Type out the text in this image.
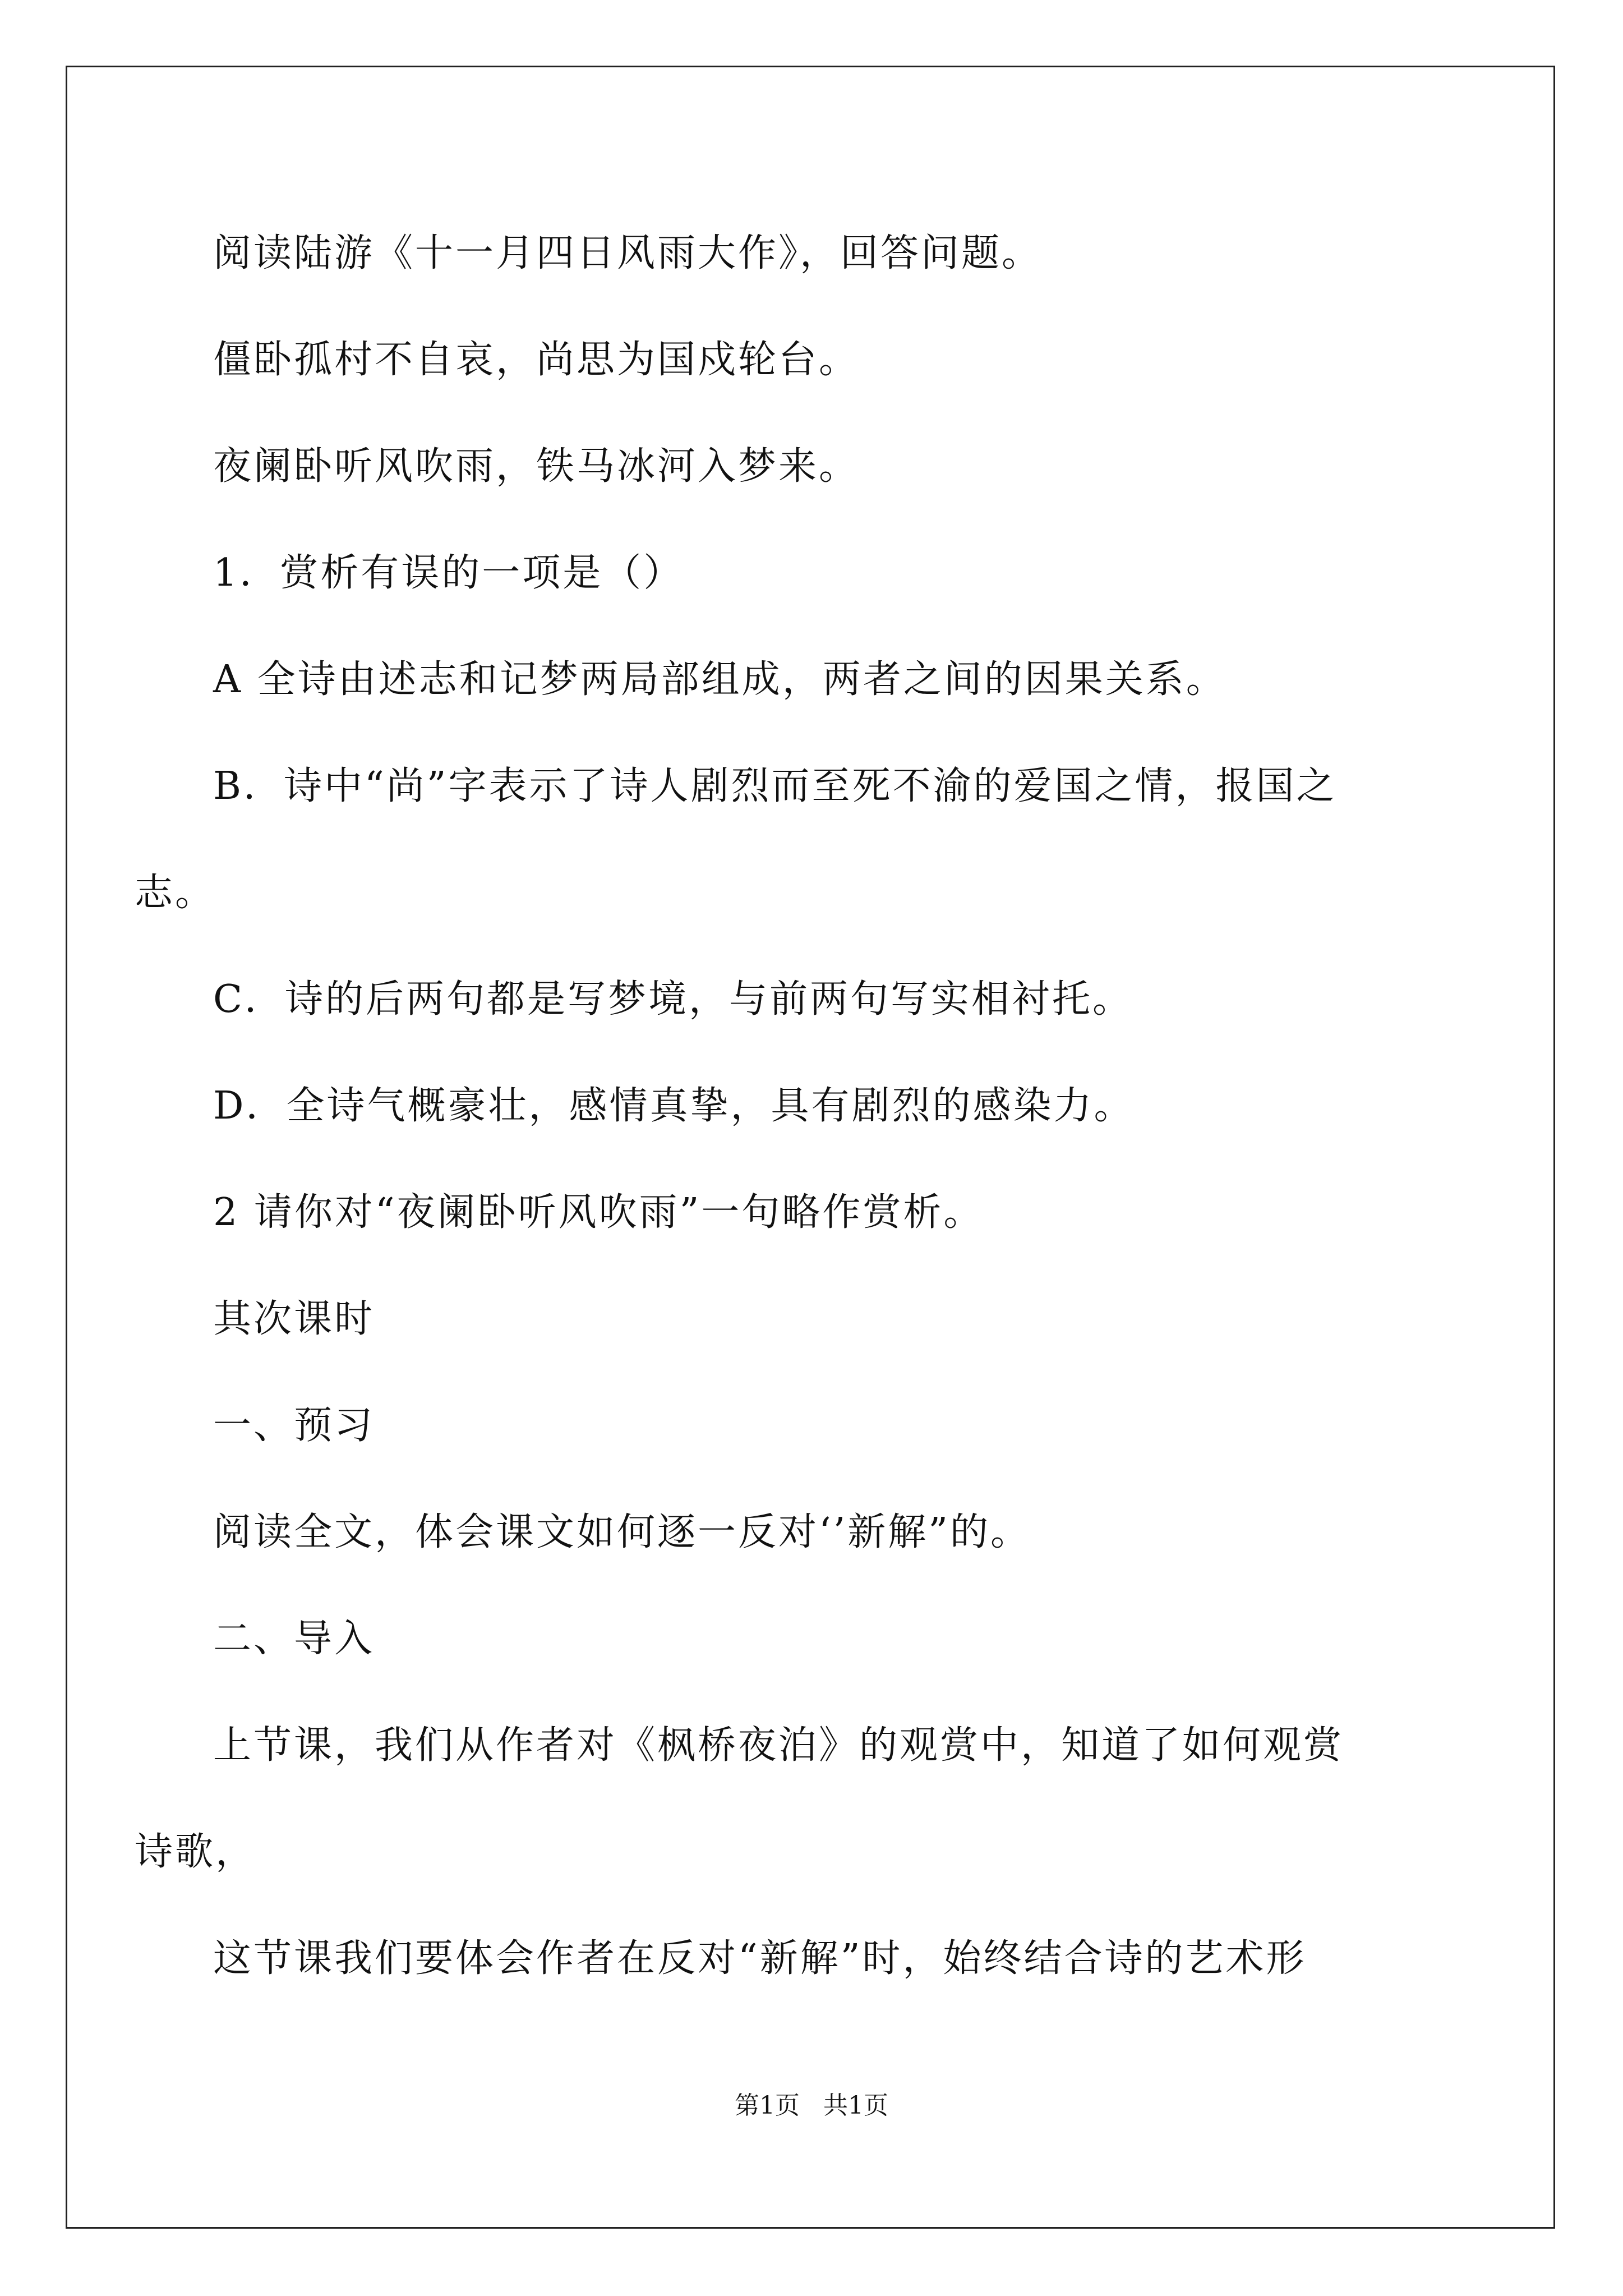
阅读陆游《十一月四日风雨大作》，回答问题。
僵卧孤村不自哀，尚思为国戍轮台。
夜阑卧听风吹雨，铁马冰河入梦来。
1．赏析有误的一项是（）
A 全诗由述志和记梦两局部组成，两者之间的因果关系。
B．诗中“尚”字表示了诗人剧烈而至死不渝的爱国之情，报国之
志。
C．诗的后两句都是写梦境，与前两句写实相衬托。
D．全诗气概豪壮，感情真挚，具有剧烈的感染力。
2 请你对“夜阑卧听风吹雨”一句略作赏析。
其次课时
一、预习
阅读全文，体会课文如何逐一反对‘’新解”的。
二、导入
上节课，我们从作者对《枫桥夜泊》的观赏中，知道了如何观赏
诗歌，
这节课我们要体会作者在反对“新解”时，始终结合诗的艺术形
第1页   共1页
